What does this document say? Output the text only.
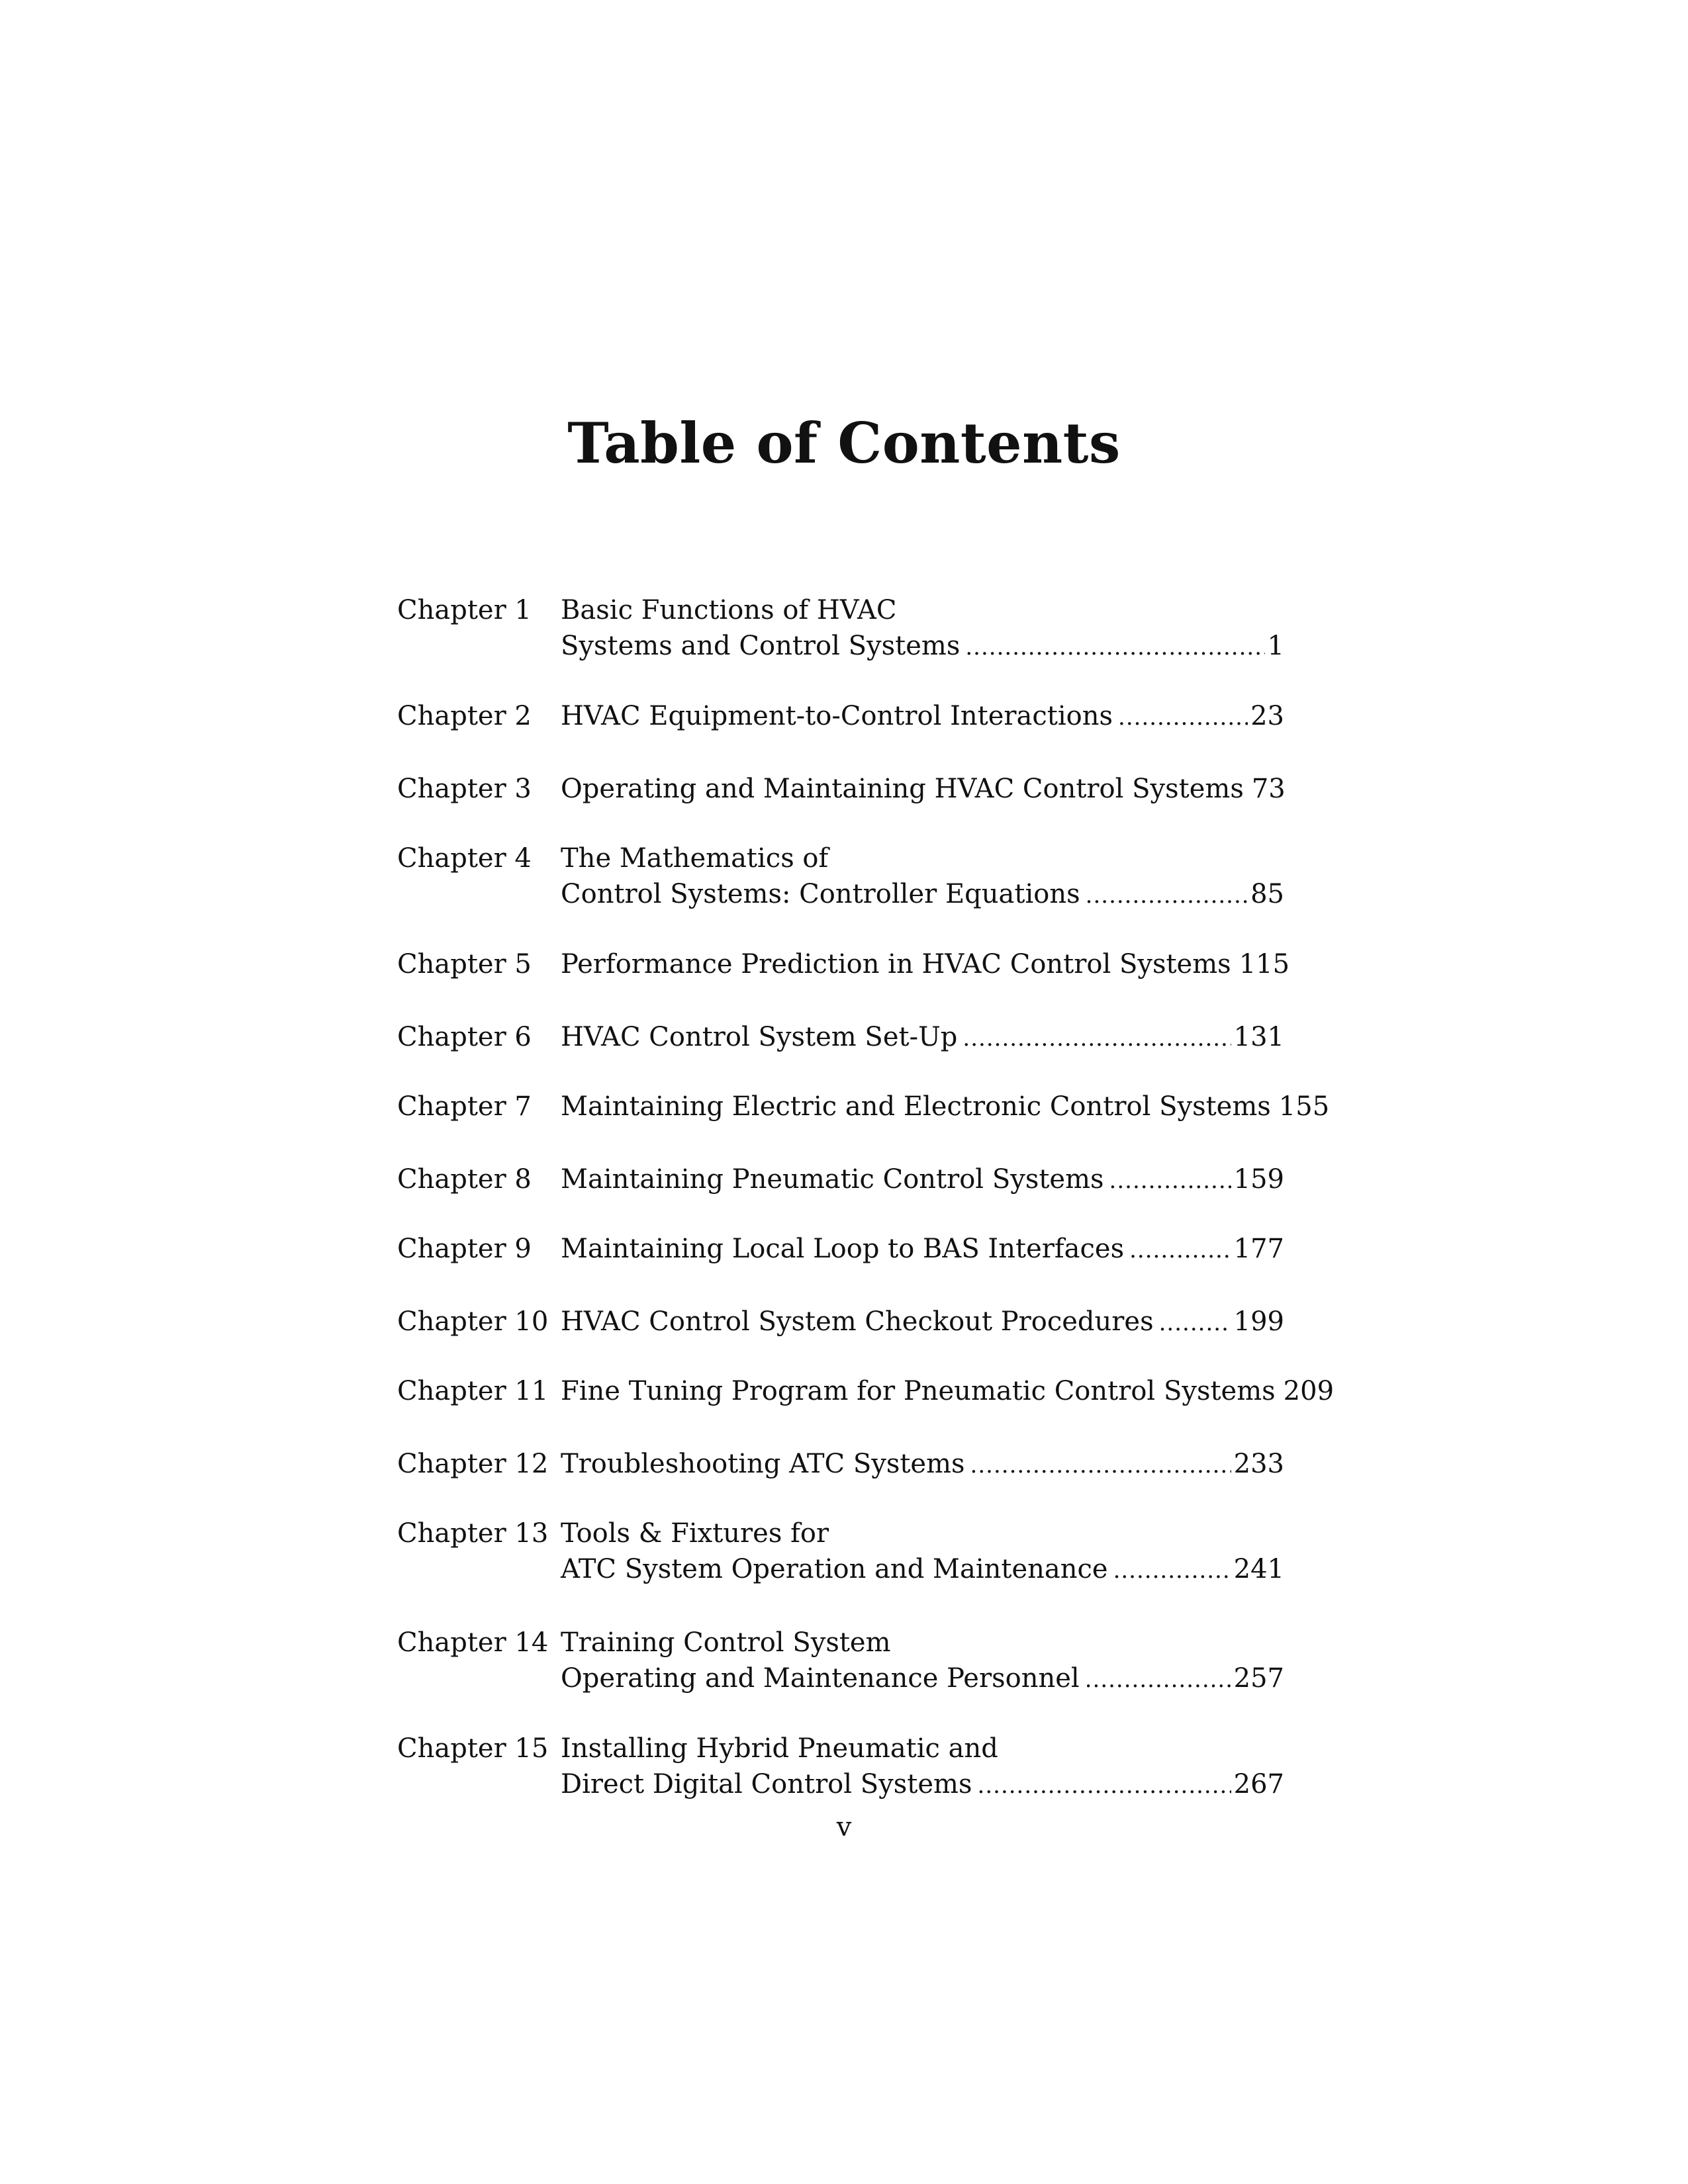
Table of Contents
Chapter 1	Basic Functions of HVAC
Systems and Control Systems .....	1
Chapter 2	HVAC Equipment-to-Control Interactions .....	23
Chapter 3	Operating and Maintaining HVAC Control Systems 73
Chapter 4	The Mathematics of
Control Systems: Controller Equations .....	85
Chapter 5	Performance Prediction in HVAC Control Systems 115
Chapter 6	HVAC Control System Set-Up .....	131
Chapter 7	Maintaining Electric and Electronic Control Systems 155
Chapter 8	Maintaining Pneumatic Control Systems .....	159
Chapter 9	Maintaining Local Loop to BAS Interfaces .....	177
Chapter 10 HVAC Control System Checkout Procedures .....	199
Chapter 11 Fine Tuning Program for Pneumatic Control Systems 209
Chapter 12 Troubleshooting ATC Systems .....	233
Chapter 13 Tools & Fixtures for
ATC System Operation and Maintenance .....	241
Chapter 14 Training Control System
Operating and Maintenance Personnel .....	257
Chapter 15 Installing Hybrid Pneumatic and
Direct Digital Control Systems .....	267
v
